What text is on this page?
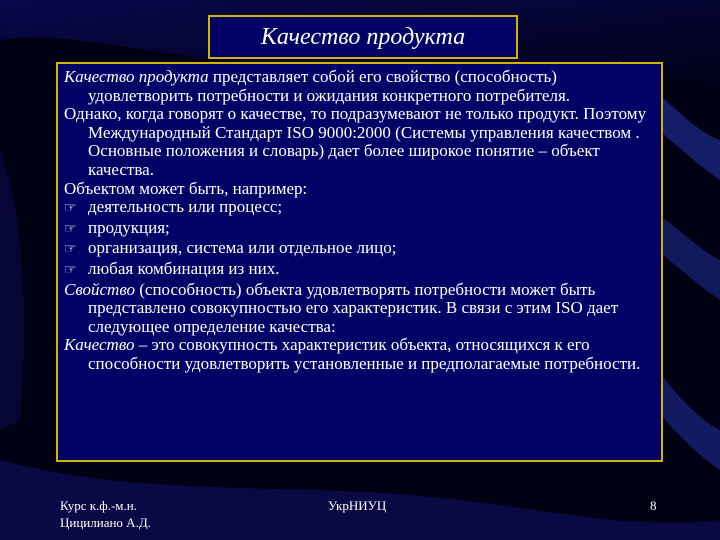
Качество продукта

Качество продукта представляет собой его свойство (способность) удовлетворить потребности и ожидания конкретного потребителя.

Однако, когда говорят о качестве, то подразумевают не только продукт. Поэтому Международный Стандарт ISO 9000:2000 (Системы управления качеством . Основные положения и словарь) дает более широкое понятие – объект качества.

Объектом может быть, например:

☞ деятельность или процесс;

☞ продукция;

☞ организация, система или отдельное лицо;

☞ любая комбинация из них.

Свойство (способность) объекта удовлетворять потребности может быть представлено совокупностью его характеристик. В связи с этим ISO дает следующее определение качества:

Качество – это совокупность характеристик объекта, относящихся к его способности удовлетворить установленные и предполагаемые потребности.

Курс к.ф.-м.н.
Цицилиано А.Д.
УкрНИУЦ	8
